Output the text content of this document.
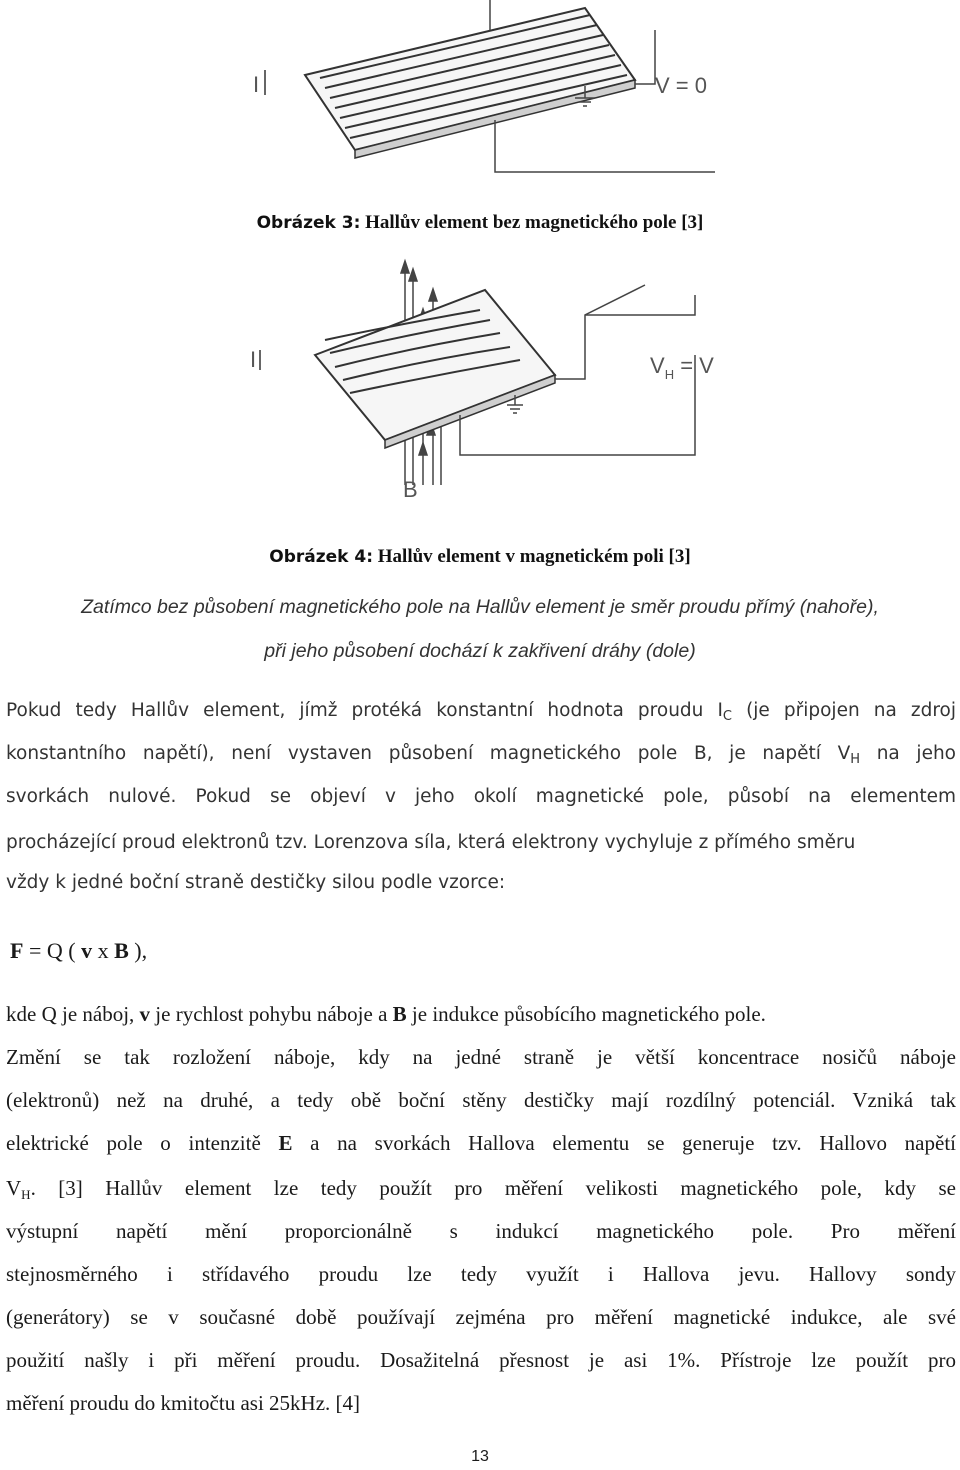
I	V = 0
Obrázek 3: Hallův element bez magnetického pole [3]
I	$V_H = V$
B
Obrázek 4: Hallův element v magnetickém poli [3]
Zatímco bez působení magnetického pole na Hallův element je směr proudu přímý (nahoře),
při jeho působení dochází k zakřivení dráhy (dole)
Pokud tedy Hallův element, jímž protéká konstantní hodnota proudu $I_C$ (je připojen na zdroj
konstantního napětí), není vystaven působení magnetického pole B, je napětí $V_H$ na jeho
svorkách nulové. Pokud se objeví v jeho okolí magnetické pole, působí na elementem
procházející proud elektronů tzv. Lorenzova síla, která elektrony vychyluje z přímého směru
vždy k jedné boční straně destičky silou podle vzorce:
F = Q ( v x B ),
kde Q je náboj, v je rychlost pohybu náboje a B je indukce působícího magnetického pole.
Změní se tak rozložení náboje, kdy na jedné straně je větší koncentrace nosičů náboje
(elektronů) než na druhé, a tedy obě boční stěny destičky mají rozdílný potenciál. Vzniká tak
elektrické pole o intenzitě E a na svorkách Hallova elementu se generuje tzv. Hallovo napětí
$V_H$. [3] Hallův element lze tedy použít pro měření velikosti magnetického pole, kdy se
výstupní napětí mění proporcionálně s indukcí magnetického pole. Pro měření
stejnosměrného i střídavého proudu lze tedy využít i Hallova jevu. Hallovy sondy
(generátory) se v současné době používají zejména pro měření magnetické indukce, ale své
použití našly i při měření proudu. Dosažitelná přesnost je asi 1%. Přístroje lze použít pro
měření proudu do kmitočtu asi 25kHz. [4]
13
